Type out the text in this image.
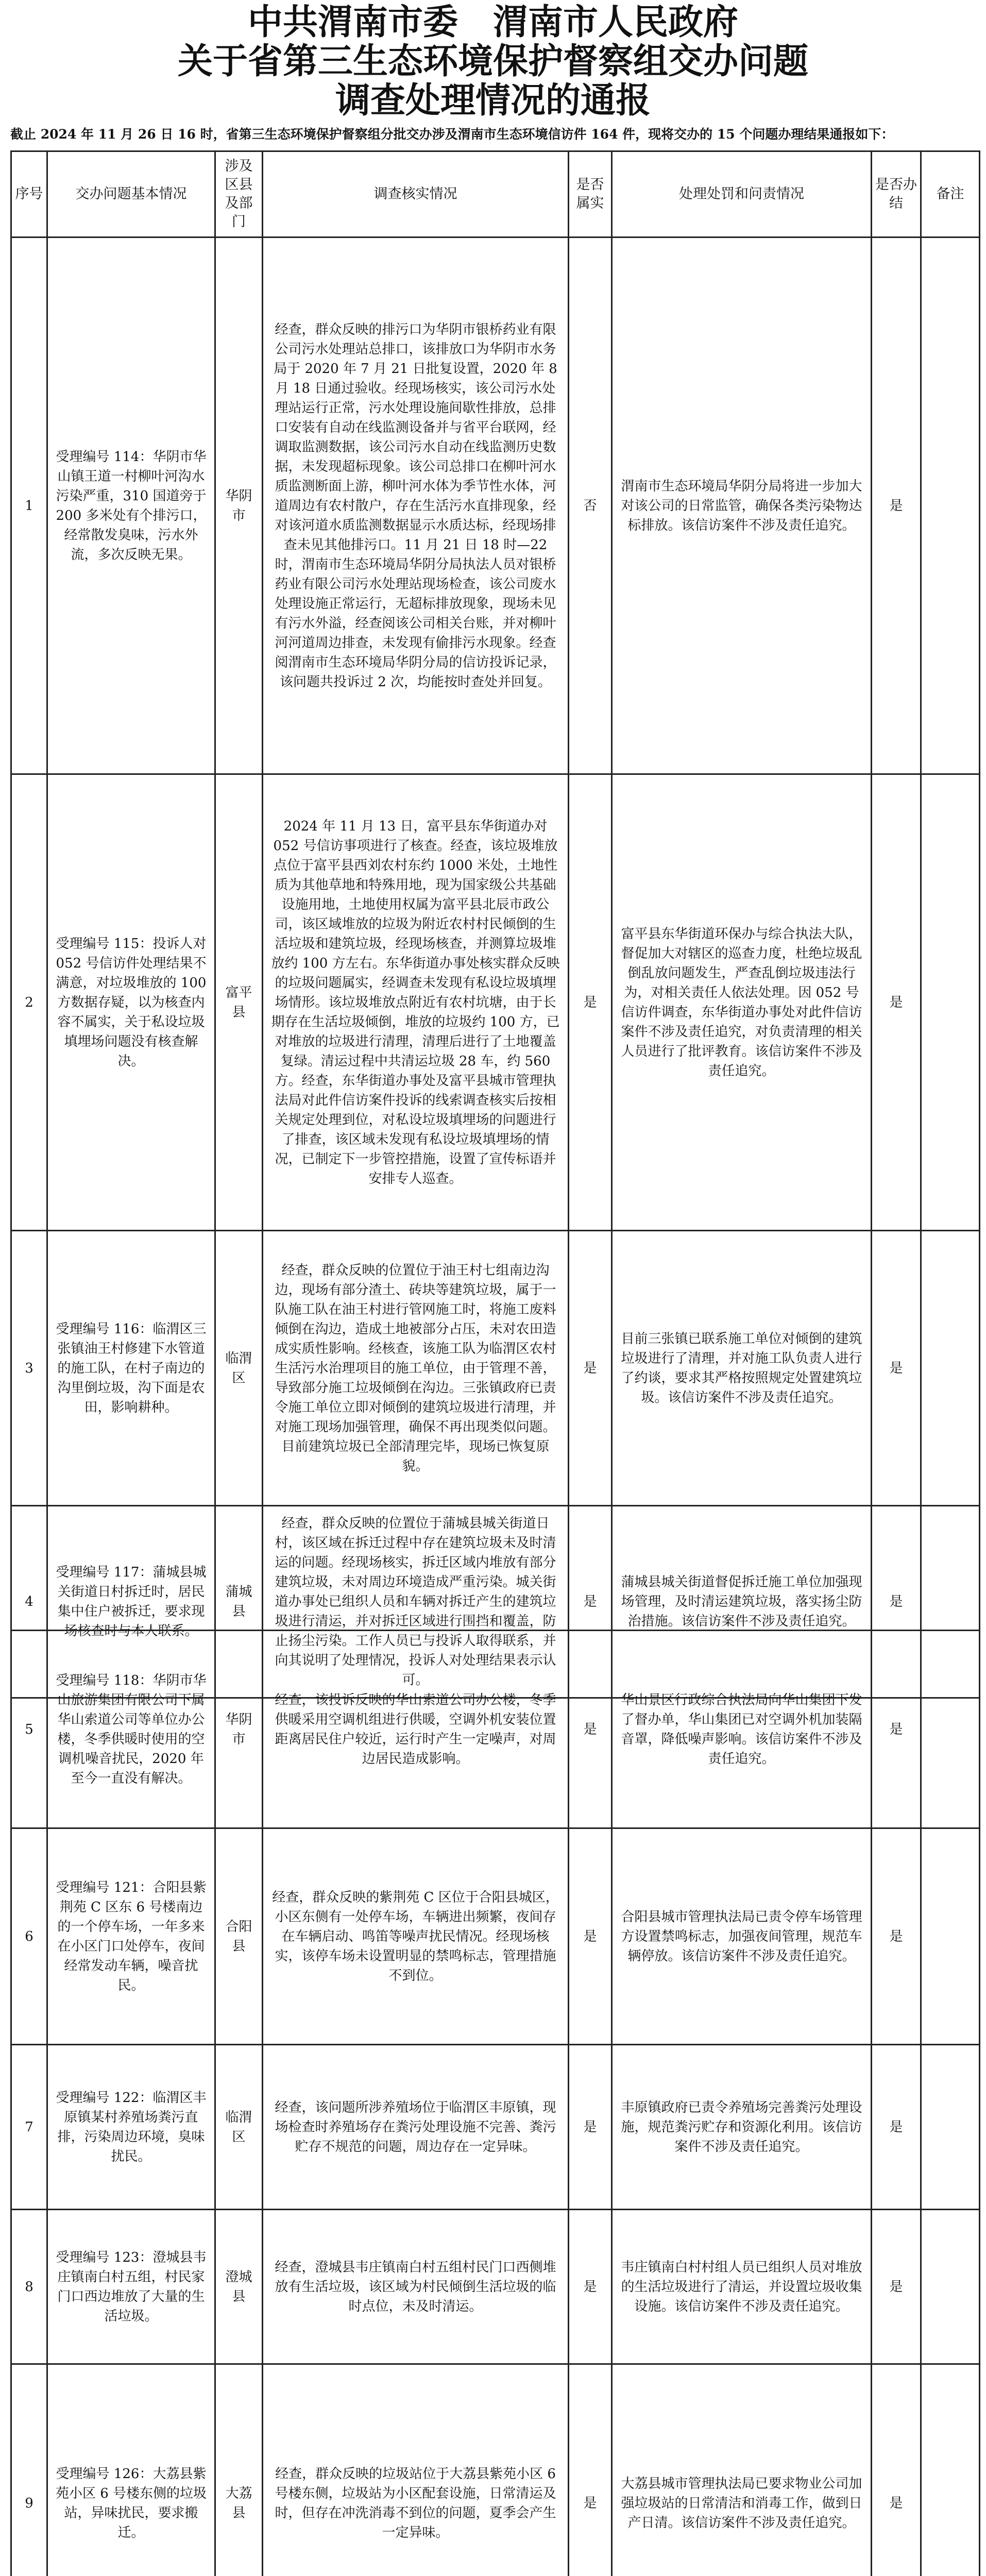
中共渭南市委　渭南市人民政府
关于省第三生态环境保护督察组交办问题
调查处理情况的通报
截止 2024 年 11 月 26 日 16 时，省第三生态环境保护督察组分批交办涉及渭南市生态环境信访件 164 件，现将交办的 15 个问题办理结果通报如下：
序号	交办问题基本情况	涉及区县及部门	调查核实情况	是否属实	处理处罚和问责情况	是否办结	备注
1	受理编号 114：华阴市华山镇王道一村柳叶河沟水污染严重，310 国道旁于 200 多米处有个排污口，经常散发臭味，污水外流，多次反映无果。	华阴市	经查，群众反映的排污口为华阴市银桥药业有限公司污水处理站总排口，该排放口为华阴市水务局于 2020 年 7 月 21 日批复设置，2020 年 8 月 18 日通过验收。经现场核实，该公司污水处理站运行正常，污水处理设施间歇性排放，总排口安装有自动在线监测设备并与省平台联网，经调取监测数据，该公司污水自动在线监测历史数据，未发现超标现象。该公司总排口在柳叶河水质监测断面上游，柳叶河水体为季节性水体，河道周边有农村散户，存在生活污水直排现象，经对该河道水质监测数据显示水质达标，经现场排查未见其他排污口。11 月 21 日 18 时—22 时，渭南市生态环境局华阴分局执法人员对银桥药业有限公司污水处理站现场检查，该公司废水处理设施正常运行，无超标排放现象，现场未见有污水外溢，经查阅该公司相关台账，并对柳叶河河道周边排查，未发现有偷排污水现象。经查阅渭南市生态环境局华阴分局的信访投诉记录，该问题共投诉过 2 次，均能按时查处并回复。	否	渭南市生态环境局华阴分局将进一步加大对该公司的日常监管，确保各类污染物达标排放。该信访案件不涉及责任追究。	是	
2	受理编号 115：投诉人对 052 号信访件处理结果不满意，对垃圾堆放的 100 方数据存疑，以为核查内容不属实，关于私设垃圾填埋场问题没有核查解决。	富平县	2024 年 11 月 13 日，富平县东华街道办对 052 号信访事项进行了核查。经查，该垃圾堆放点位于富平县西刘农村东约 1000 米处，土地性质为其他草地和特殊用地，现为国家级公共基础设施用地，土地使用权属为富平县北辰市政公司，该区域堆放的垃圾为附近农村村民倾倒的生活垃圾和建筑垃圾，经现场核查，并测算垃圾堆放约 100 方左右。东华街道办事处核实群众反映的垃圾问题属实，经调查未发现有私设垃圾填埋场情形。该垃圾堆放点附近有农村坑塘，由于长期存在生活垃圾倾倒，堆放的垃圾约 100 方，已对堆放的垃圾进行清理，清理后进行了土地覆盖复绿。清运过程中共清运垃圾 28 车，约 560 方。经查，东华街道办事处及富平县城市管理执法局对此件信访案件投诉的线索调查核实后按相关规定处理到位，对私设垃圾填埋场的问题进行了排查，该区域未发现有私设垃圾填埋场的情况，已制定下一步管控措施，设置了宣传标语并安排专人巡查。	是	富平县东华街道环保办与综合执法大队，督促加大对辖区的巡查力度，杜绝垃圾乱倒乱放问题发生，严查乱倒垃圾违法行为，对相关责任人依法处理。因 052 号信访件调查，东华街道办事处对此件信访案件不涉及责任追究，对负责清理的相关人员进行了批评教育。该信访案件不涉及责任追究。	是	
3	受理编号 116：临渭区三张镇油王村修建下水管道的施工队，在村子南边的沟里倒垃圾，沟下面是农田，影响耕种。	临渭区	经查，群众反映的位置位于油王村七组南边沟边，现场有部分渣土、砖块等建筑垃圾，属于一队施工队在油王村进行管网施工时，将施工废料倾倒在沟边，造成土地被部分占压，未对农田造成实质性影响。经核查，该施工队为临渭区农村生活污水治理项目的施工单位，由于管理不善，导致部分施工垃圾倾倒在沟边。三张镇政府已责令施工单位立即对倾倒的建筑垃圾进行清理，并对施工现场加强管理，确保不再出现类似问题。目前建筑垃圾已全部清理完毕，现场已恢复原貌。	是	目前三张镇已联系施工单位对倾倒的建筑垃圾进行了清理，并对施工队负责人进行了约谈，要求其严格按照规定处置建筑垃圾。该信访案件不涉及责任追究。	是	
4	受理编号 117：蒲城县城关街道日村拆迁时，居民集中住户被拆迁，要求现场核查时与本人联系。	蒲城县	经查，群众反映的位置位于蒲城县城关街道日村，该区域在拆迁过程中存在建筑垃圾未及时清运的问题。经现场核实，拆迁区域内堆放有部分建筑垃圾，未对周边环境造成严重污染。城关街道办事处已组织人员和车辆对拆迁产生的建筑垃圾进行清运，并对拆迁区域进行围挡和覆盖，防止扬尘污染。工作人员已与投诉人取得联系，并向其说明了处理情况，投诉人对处理结果表示认可。	是	蒲城县城关街道督促拆迁施工单位加强现场管理，及时清运建筑垃圾，落实扬尘防治措施。该信访案件不涉及责任追究。	是	
5	受理编号 118：华阴市华山旅游集团有限公司下属华山索道公司等单位办公楼，冬季供暖时使用的空调机噪音扰民，2020 年至今一直没有解决。	华阴市	经查，该投诉反映的华山索道公司办公楼，冬季供暖采用空调机组进行供暖，空调外机安装位置距离居民住户较近，运行时产生一定噪声，对周边居民造成影响。	是	华山景区行政综合执法局向华山集团下发了督办单，华山集团已对空调外机加装隔音罩，降低噪声影响。该信访案件不涉及责任追究。	是	
6	受理编号 121：合阳县紫荆苑 C 区东 6 号楼南边的一个停车场，一年多来在小区门口处停车，夜间经常发动车辆，噪音扰民。	合阳县	经查，群众反映的紫荆苑 C 区位于合阳县城区，小区东侧有一处停车场，车辆进出频繁，夜间存在车辆启动、鸣笛等噪声扰民情况。经现场核实，该停车场未设置明显的禁鸣标志，管理措施不到位。	是	合阳县城市管理执法局已责令停车场管理方设置禁鸣标志，加强夜间管理，规范车辆停放。该信访案件不涉及责任追究。	是	
7	受理编号 122：临渭区丰原镇某村养殖场粪污直排，污染周边环境，臭味扰民。	临渭区	经查，该问题所涉养殖场位于临渭区丰原镇，现场检查时养殖场存在粪污处理设施不完善、粪污贮存不规范的问题，周边存在一定异味。	是	丰原镇政府已责令养殖场完善粪污处理设施，规范粪污贮存和资源化利用。该信访案件不涉及责任追究。	是	
8	受理编号 123：澄城县韦庄镇南白村五组，村民家门口西边堆放了大量的生活垃圾。	澄城县	经查，澄城县韦庄镇南白村五组村民门口西侧堆放有生活垃圾，该区域为村民倾倒生活垃圾的临时点位，未及时清运。	是	韦庄镇南白村村组人员已组织人员对堆放的生活垃圾进行了清运，并设置垃圾收集设施。该信访案件不涉及责任追究。	是	
9	受理编号 126：大荔县紫苑小区 6 号楼东侧的垃圾站，异味扰民，要求搬迁。	大荔县	经查，群众反映的垃圾站位于大荔县紫苑小区 6 号楼东侧，垃圾站为小区配套设施，日常清运及时，但存在冲洗消毒不到位的问题，夏季会产生一定异味。	是	大荔县城市管理执法局已要求物业公司加强垃圾站的日常清洁和消毒工作，做到日产日清。该信访案件不涉及责任追究。	是	
